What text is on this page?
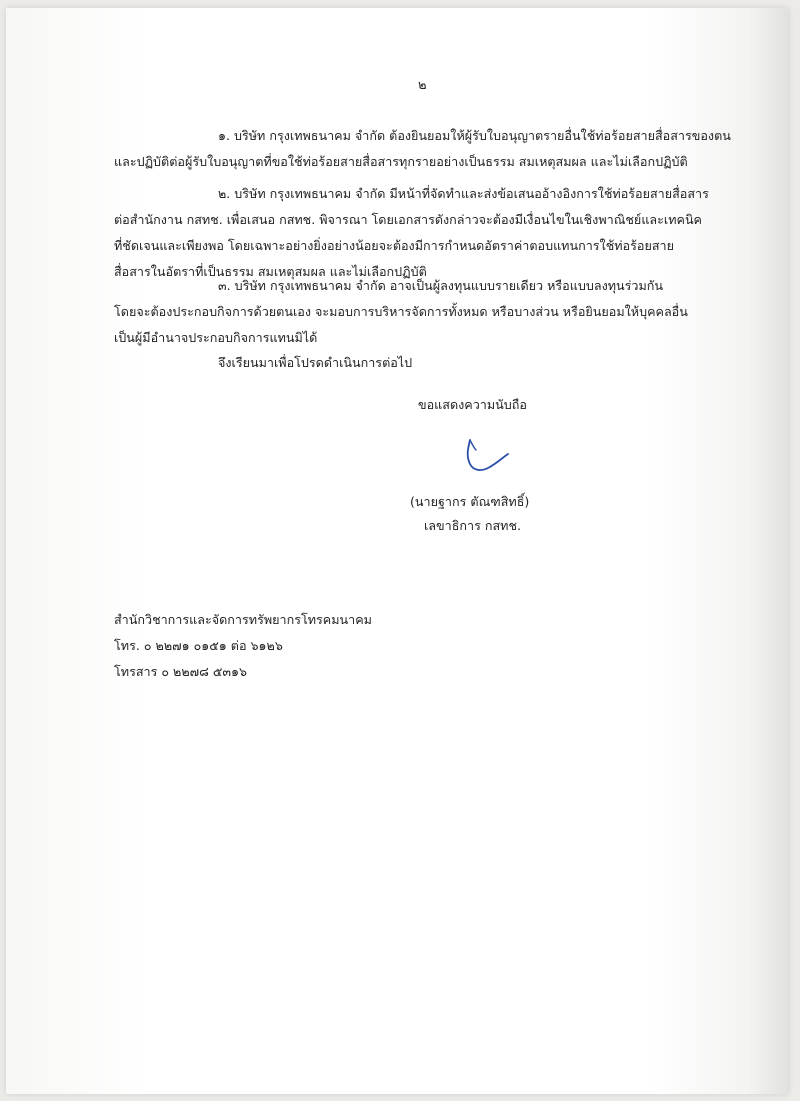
๒
๑. บริษัท กรุงเทพธนาคม จำกัด ต้องยินยอมให้ผู้รับใบอนุญาตรายอื่นใช้ท่อร้อยสายสื่อสารของตน
และปฏิบัติต่อผู้รับใบอนุญาตที่ขอใช้ท่อร้อยสายสื่อสารทุกรายอย่างเป็นธรรม สมเหตุสมผล และไม่เลือกปฏิบัติ
๒. บริษัท กรุงเทพธนาคม จำกัด มีหน้าที่จัดทำและส่งข้อเสนออ้างอิงการใช้ท่อร้อยสายสื่อสาร
ต่อสำนักงาน กสทช. เพื่อเสนอ กสทช. พิจารณา โดยเอกสารดังกล่าวจะต้องมีเงื่อนไขในเชิงพาณิชย์และเทคนิค
ที่ชัดเจนและเพียงพอ โดยเฉพาะอย่างยิ่งอย่างน้อยจะต้องมีการกำหนดอัตราค่าตอบแทนการใช้ท่อร้อยสาย
สื่อสารในอัตราที่เป็นธรรม สมเหตุสมผล และไม่เลือกปฏิบัติ
๓. บริษัท กรุงเทพธนาคม จำกัด อาจเป็นผู้ลงทุนแบบรายเดียว หรือแบบลงทุนร่วมกัน
โดยจะต้องประกอบกิจการด้วยตนเอง จะมอบการบริหารจัดการทั้งหมด หรือบางส่วน หรือยินยอมให้บุคคลอื่น
เป็นผู้มีอำนาจประกอบกิจการแทนมิได้
จึงเรียนมาเพื่อโปรดดำเนินการต่อไป
ขอแสดงความนับถือ
(นายฐากร ตัณฑสิทธิ์)
เลขาธิการ กสทช.
สำนักวิชาการและจัดการทรัพยากรโทรคมนาคม
โทร. ๐ ๒๒๗๑ ๐๑๕๑ ต่อ ๖๑๒๖
โทรสาร ๐ ๒๒๗๘ ๕๓๑๖
